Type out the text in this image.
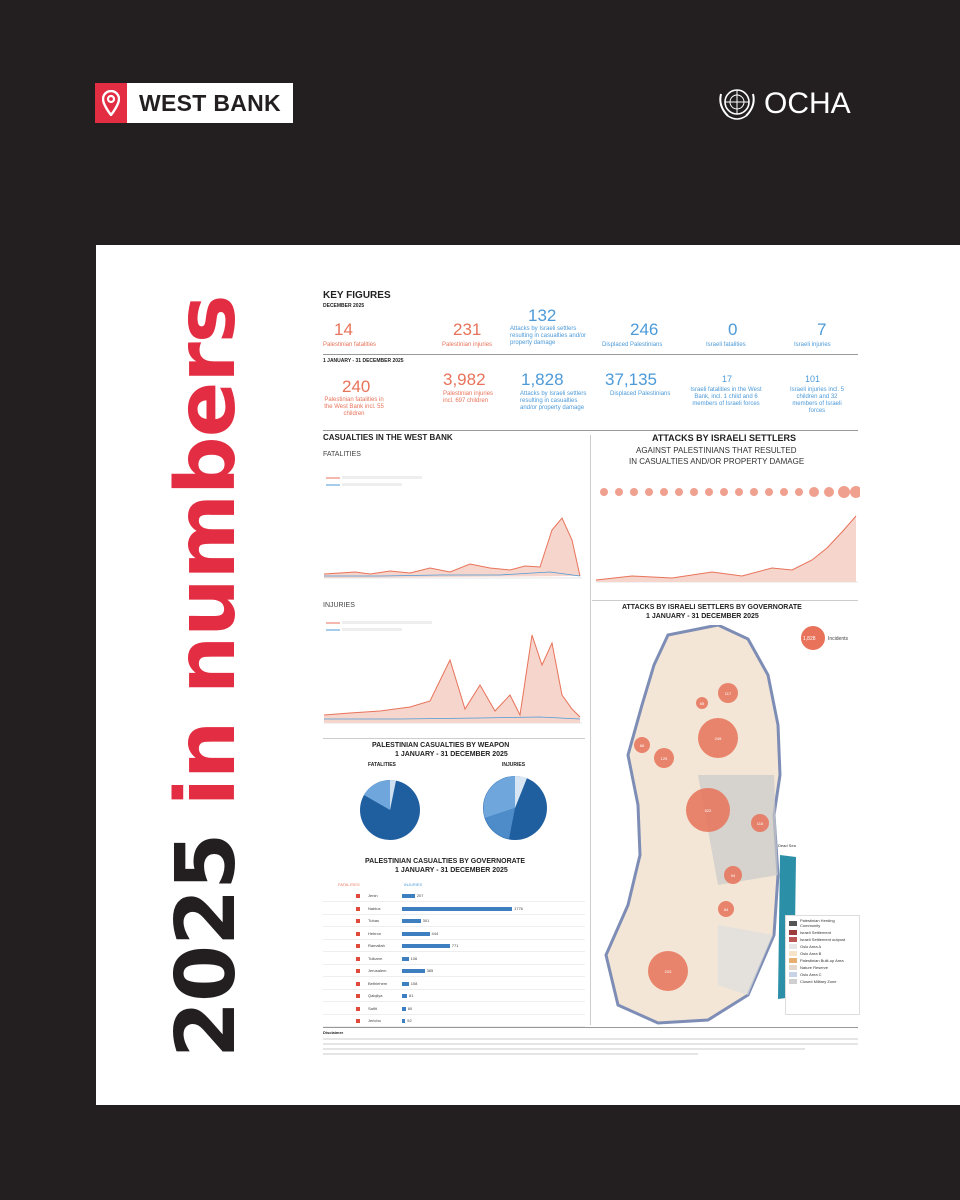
WEST BANK	OCHA
2025 in numbers	KEY FIGURES
DECEMBER 2025
14
Palestinian fatalities
231
Palestinian injuries
132
Attacks by Israeli settlers resulting in casualties and/or property damage
246
Displaced Palestinians
0
Israeli fatalities
7
Israeli injuries
1 JANUARY - 31 DECEMBER 2025
240
Palestinian fatalities in the West Bank incl. 55 children
3,982
Palestinian injuries incl. 697 children
1,828
Attacks by Israeli settlers resulting in casualties and/or property damage
37,135
Displaced Palestinians
17
Israeli fatalities in the West Bank, incl. 1 child and 6 members of Israeli forces
101
Israeli injuries incl. 5 children and 32 members of Israeli forces
CASUALTIES IN THE WEST BANK
FATALITIES
INJURIES
PALESTINIAN CASUALTIES BY WEAPON
1 JANUARY - 31 DECEMBER 2025
FATALITIES	INJURIES
PALESTINIAN CASUALTIES BY GOVERNORATE
1 JANUARY - 31 DECEMBER 2025
FATALITIES	INJURIES
Jenin	207
Nablus	1776
Tubas	301
Hebron	444
Ramallah	771
Tulkarm	106
Jerusalem	365
Bethlehem	108
Qalqilya	81
Salfit	60
Jericho	52
ATTACKS BY ISRAELI SETTLERS
AGAINST PALESTINIANS THAT RESULTED
IN CASUALTIES AND/OR PROPERTY DAMAGE
ATTACKS BY ISRAELI SETTLERS BY GOVERNORATE
1 JANUARY - 31 DECEMBER 2025
1,828 Incidents
Dead Sea
117
245
522
125
66
116
94
203
65
84
Palestinian Herding Community
Israeli Settlement
Israeli Settlement outpost
Oslo Area A
Oslo Area B
Palestinian Built-up Area
Nature Reserve
Oslo Area C
Closed Military Zone
Disclaimer
